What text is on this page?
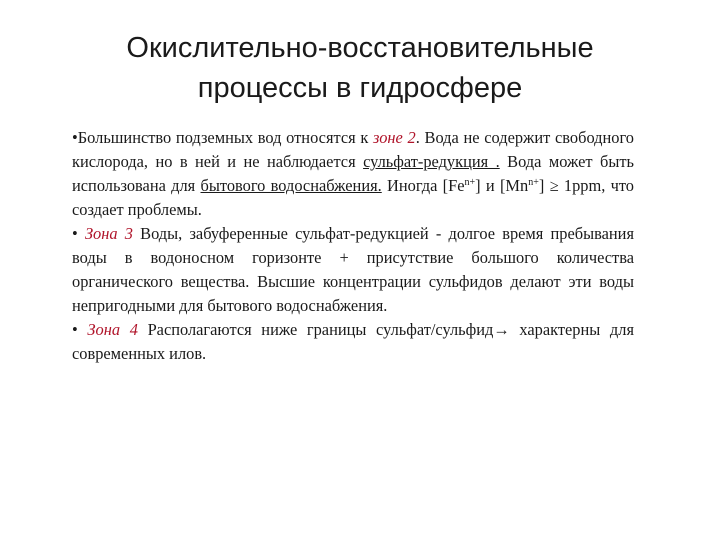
Окислительно-восстановительные
процессы в гидросфере

•Большинство подземных вод относятся к зоне 2. Вода не содержит свободного кислорода, но в ней и не наблюдается сульфат-редукция . Вода может быть использована для бытового водоснабжения. Иногда $[Fe^{n+}]$ и $[Mn^{n+}] \ge 1ppm$, что создает проблемы.

• Зона 3 Воды, забуференные сульфат-редукцией - долгое время пребывания воды в водоносном горизонте + присутствие большого количества органического вещества. Высшие концентрации сульфидов делают эти воды непригодными для бытового водоснабжения.

• Зона 4 Располагаются ниже границы сульфат/сульфид→ характерны для современных илов.
